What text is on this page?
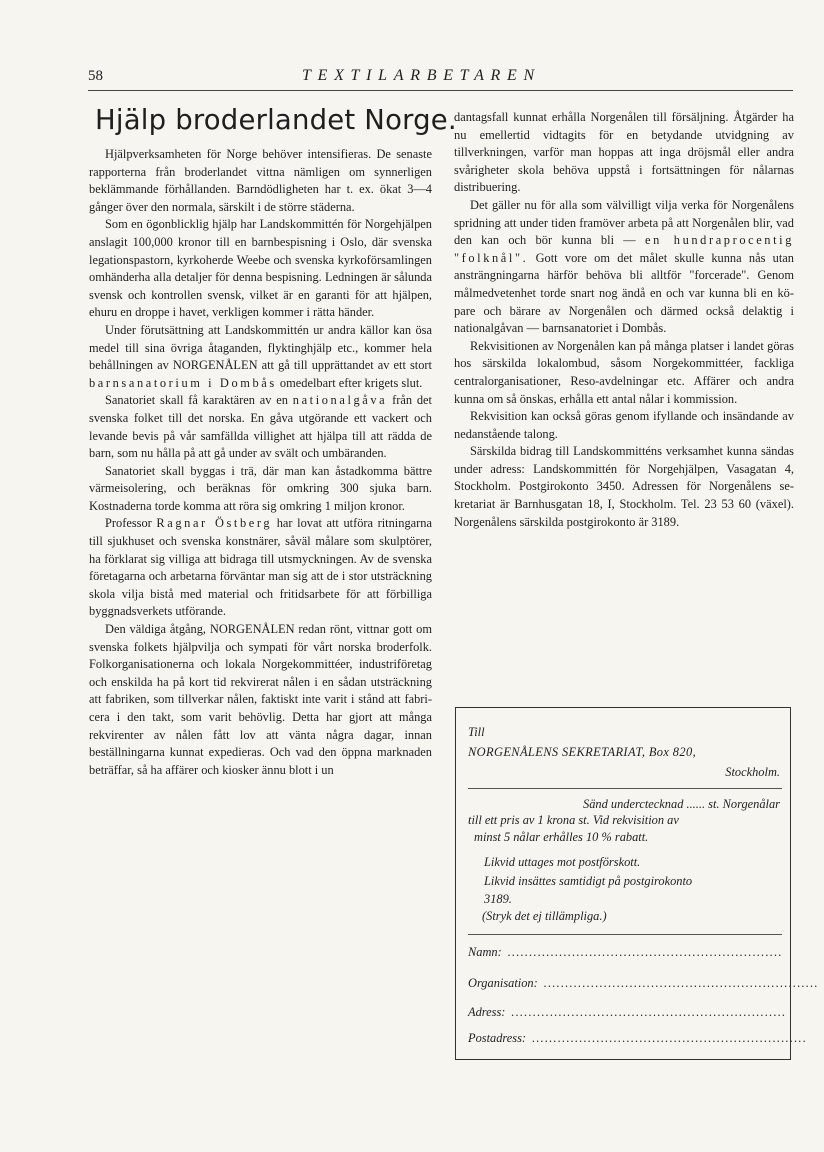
58	TEXTILARBETAREN
Hjälp broderlandet Norge.

Hjälpverksamheten för Norge behöver intensifieras. De senaste rapporterna från broderlandet vittna nämligen om synnerligen beklämmande förhållanden. Barndödligheten har t. ex. ökat 3—4 gånger över den normala, särskilt i de större städerna.

Som en ögonblicklig hjälp har Landskommittén för Norgehjälpen anslagit 100,000 kronor till en barnbespisning i Oslo, där svenska legationspastorn, kyrkoherde Weebe och svenska kyrkoförsamlingen omhänderha alla detaljer för denna bespisning. Ledningen är sålunda svensk och kontrollen svensk, vilket är en garanti för att hjälpen, ehuru en droppe i havet, verkligen kommer i rätta händer.

Under förutsättning att Landskommittén ur andra källor kan ösa medel till sina övriga åtaganden, flyktinghjälp etc., kommer hela behållningen av NORGENÅLEN att gå till upprättandet av ett stort barnsanatorium i Dombås omedelbart efter krigets slut.

Sanatoriet skall få karaktären av en nationalgåva från det svenska folket till det norska. En gåva utgörande ett vackert och levande bevis på vår samfällda villighet att hjälpa till att rädda de barn, som nu hålla på att gå under av svält och umbäranden.

Sanatoriet skall byggas i trä, där man kan åstadkomma bättre värmeisolering, och beräknas för omkring 300 sjuka barn. Kostnaderna torde komma att röra sig omkring 1 miljon kronor.

Professor Ragnar Östberg har lovat att utföra ritningarna till sjukhuset och svenska konstnärer, såväl målare som skulptörer, ha förklarat sig villiga att bidraga till utsmyckningen. Av de svenska företagarna och arbetarna förväntar man sig att de i stor utsträckning skola vilja bistå med material och fritidsarbete för att förbilliga byggnadsverkets utförande.

Den väldiga åtgång, NORGENÅLEN redan rönt, vittnar gott om svenska folkets hjälpvilja och sympati för vårt norska broderfolk. Folkorganisationerna och lokala Norgekommittéer, industriföretag och enskilda ha på kort tid rekvirerat nålen i en sådan utsträckning att fabriken, som tillverkar nålen, faktiskt inte varit i stånd att fabricera i den takt, som varit behövlig. Detta har gjort att många rekvirenter av nålen fått lov att vänta några dagar, innan beställningarna kunnat expedieras. Och vad den öppna marknaden beträffar, så ha affärer och kiosker ännu blott i un

dantagsfall kunnat erhålla Norgenålen till försäljning. Åtgärder ha nu emellertid vidtagits för en betydande utvidgning av tillverkningen, varför man hoppas att inga dröjsmål eller andra svårigheter skola behöva uppstå i fortsättningen för nålarnas distribuering.

Det gäller nu för alla som välvilligt vilja verka för Norgenålens spridning att under tiden framöver arbeta på att Norgenålen blir, vad den kan och bör kunna bli — en hundraprocentig "folknål". Gott vore om det målet skulle kunna nås utan ansträngningarna härför behöva bli alltför "forcerade". Genom målmedvetenhet torde snart nog ändå en och var kunna bli en köpare och bärare av Norgenålen och därmed också delaktig i nationalgåvan — barnsanatoriet i Dombås.

Rekvisitionen av Norgenålen kan på många platser i landet göras hos särskilda lokalombud, såsom Norgekommittéer, fackliga centralorganisationer, Reso-avdelningar etc. Affärer och andra kunna om så önskas, erhålla ett antal nålar i kommission.

Rekvisition kan också göras genom ifyllande och insändande av nedanstående talong.

Särskilda bidrag till Landskommitténs verksamhet kunna sändas under adress: Landskommittén för Norgehjälpen, Vasagatan 4, Stockholm. Postgirokonto 3450. Adressen för Norgenålens sekretariat är Barnhusgatan 18, I, Stockholm. Tel. 23 53 60 (växel). Norgenålens särskilda postgirokonto är 3189.

Till
NORGENÅLENS SEKRETARIAT, Box 820,
Stockholm.
Sänd underctecknad ...... st. Norgenålar
till ett pris av 1 krona st. Vid rekvisition av
minst 5 nålar erhålles 10 % rabatt.
Likvid uttages mot postförskott.
Likvid insättes samtidigt på postgirokonto
3189.
(Stryk det ej tillämpliga.)
Namn: ................................................................
Organisation: ................................................................
Adress: ................................................................
Postadress: ................................................................
